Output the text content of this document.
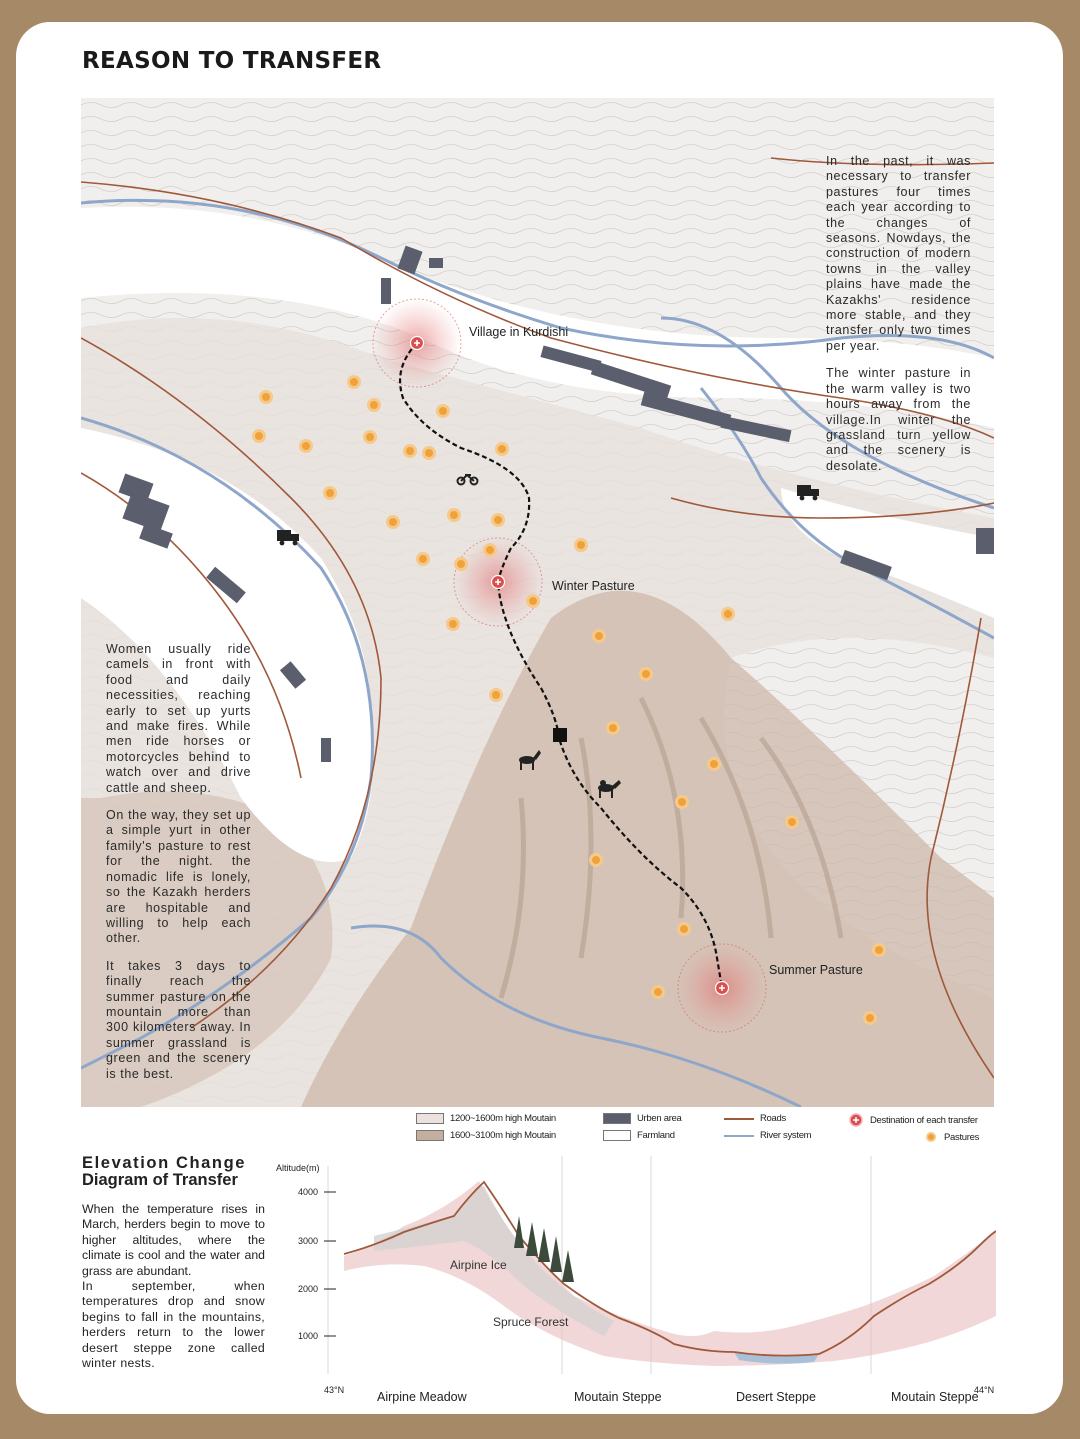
REASON TO TRANSFER
Village in Kurdishi
Winter Pasture
Summer Pasture

In the past, it was necessary to transfer pastures four times each year according to the changes of seasons. Nowdays, the construction of modern towns in the valley plains have made the Kazakhs' residence more stable, and they transfer only two times per year.

The winter pasture in the warm valley is two hours away from the village.In winter the grassland turn yellow and the scenery is desolate.

Women usually ride camels in front with food and daily necessities, reaching early to set up yurts and make fires. While men ride horses or motorcycles behind to watch over and drive cattle and sheep.

On the way, they set up a simple yurt in other family's pasture to rest for the night. the nomadic life is lonely, so the Kazakh herders are hospitable and willing to help each other.

It takes 3 days to finally reach the summer pasture on the mountain more than 300 kilometers away. In summer grassland is green and the scenery is the best.

1200~1600m high Moutain
1600~3100m high Moutain
Urben area
Farmland
Roads
River system
Destination of each transfer
Pastures
Elevation Change
Diagram of Transfer

When the temperature rises in March, herders begin to move to higher altitudes, where the climate is cool and the water and grass are abundant.

In september, when temperatures drop and snow begins to fall in the mountains, herders return to the lower desert steppe zone called winter nests.

Altitude(m)
4000
3000
2000
1000
Airpine Ice
Spruce Forest
43°N	44°N
Airpine Meadow	Moutain Steppe	Desert Steppe	Moutain Steppe
